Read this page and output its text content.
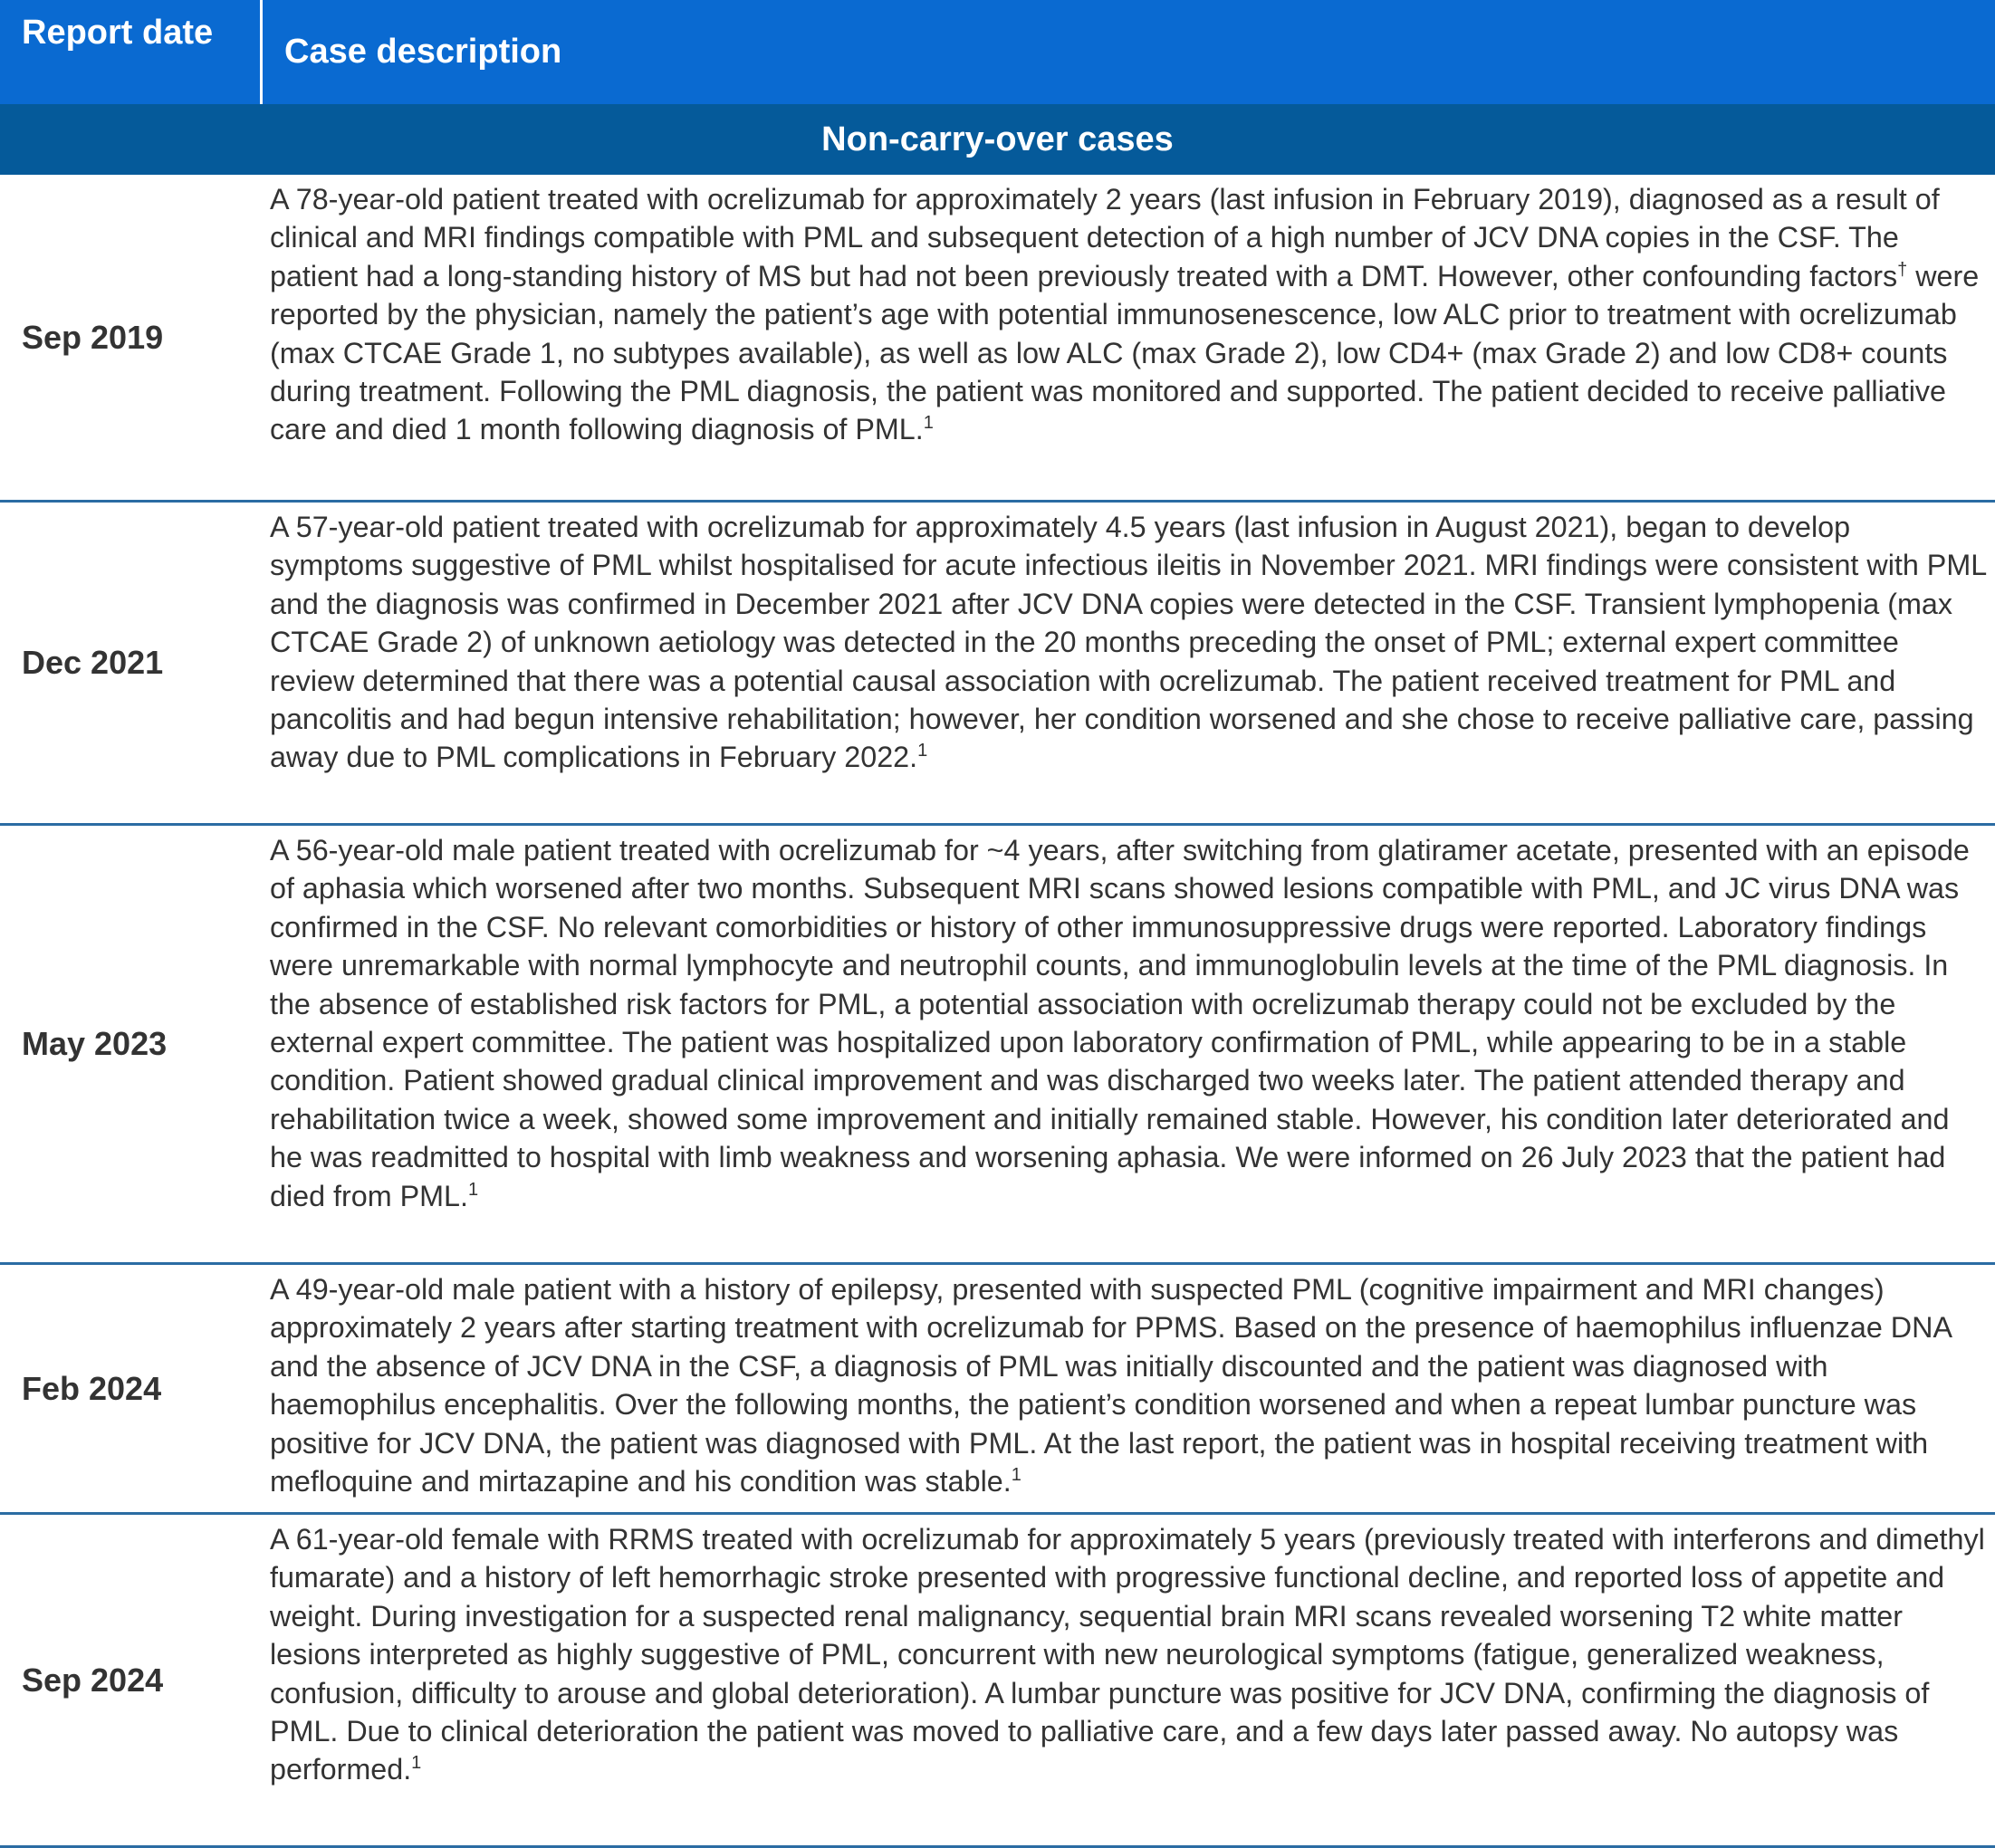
Report date	Case description
Non-carry-over cases
Sep 2019
A 78-year-old patient treated with ocrelizumab for approximately 2 years (last infusion in February 2019), diagnosed as a result of clinical and MRI findings compatible with PML and subsequent detection of a high number of JCV DNA copies in the CSF. The patient had a long-standing history of MS but had not been previously treated with a DMT. However, other confounding factors† were reported by the physician, namely the patient’s age with potential immunosenescence, low ALC prior to treatment with ocrelizumab (max CTCAE Grade 1, no subtypes available), as well as low ALC (max Grade 2), low CD4+ (max Grade 2) and low CD8+ counts during treatment. Following the PML diagnosis, the patient was monitored and supported. The patient decided to receive palliative care and died 1 month following diagnosis of PML.$^1$
Dec 2021
A 57-year-old patient treated with ocrelizumab for approximately 4.5 years (last infusion in August 2021), began to develop symptoms suggestive of PML whilst hospitalised for acute infectious ileitis in November 2021. MRI findings were consistent with PML and the diagnosis was confirmed in December 2021 after JCV DNA copies were detected in the CSF. Transient lymphopenia (max CTCAE Grade 2) of unknown aetiology was detected in the 20 months preceding the onset of PML; external expert committee review determined that there was a potential causal association with ocrelizumab. The patient received treatment for PML and pancolitis and had begun intensive rehabilitation; however, her condition worsened and she chose to receive palliative care, passing away due to PML complications in February 2022.$^1$
May 2023
A 56-year-old male patient treated with ocrelizumab for ~4 years, after switching from glatiramer acetate, presented with an episode of aphasia which worsened after two months. Subsequent MRI scans showed lesions compatible with PML, and JC virus DNA was confirmed in the CSF. No relevant comorbidities or history of other immunosuppressive drugs were reported. Laboratory findings were unremarkable with normal lymphocyte and neutrophil counts, and immunoglobulin levels at the time of the PML diagnosis. In the absence of established risk factors for PML, a potential association with ocrelizumab therapy could not be excluded by the external expert committee. The patient was hospitalized upon laboratory confirmation of PML, while appearing to be in a stable condition. Patient showed gradual clinical improvement and was discharged two weeks later. The patient attended therapy and rehabilitation twice a week, showed some improvement and initially remained stable. However, his condition later deteriorated and he was readmitted to hospital with limb weakness and worsening aphasia. We were informed on 26 July 2023 that the patient had died from PML.$^1$
Feb 2024
A 49-year-old male patient with a history of epilepsy, presented with suspected PML (cognitive impairment and MRI changes) approximately 2 years after starting treatment with ocrelizumab for PPMS. Based on the presence of haemophilus influenzae DNA and the absence of JCV DNA in the CSF, a diagnosis of PML was initially discounted and the patient was diagnosed with haemophilus encephalitis. Over the following months, the patient’s condition worsened and when a repeat lumbar puncture was positive for JCV DNA, the patient was diagnosed with PML. At the last report, the patient was in hospital receiving treatment with mefloquine and mirtazapine and his condition was stable.$^1$
Sep 2024
A 61-year-old female with RRMS treated with ocrelizumab for approximately 5 years (previously treated with interferons and dimethyl fumarate) and a history of left hemorrhagic stroke presented with progressive functional decline, and reported loss of appetite and weight. During investigation for a suspected renal malignancy, sequential brain MRI scans revealed worsening T2 white matter lesions interpreted as highly suggestive of PML, concurrent with new neurological symptoms (fatigue, generalized weakness, confusion, difficulty to arouse and global deterioration). A lumbar puncture was positive for JCV DNA, confirming the diagnosis of PML. Due to clinical deterioration the patient was moved to palliative care, and a few days later passed away. No autopsy was performed.$^1$
